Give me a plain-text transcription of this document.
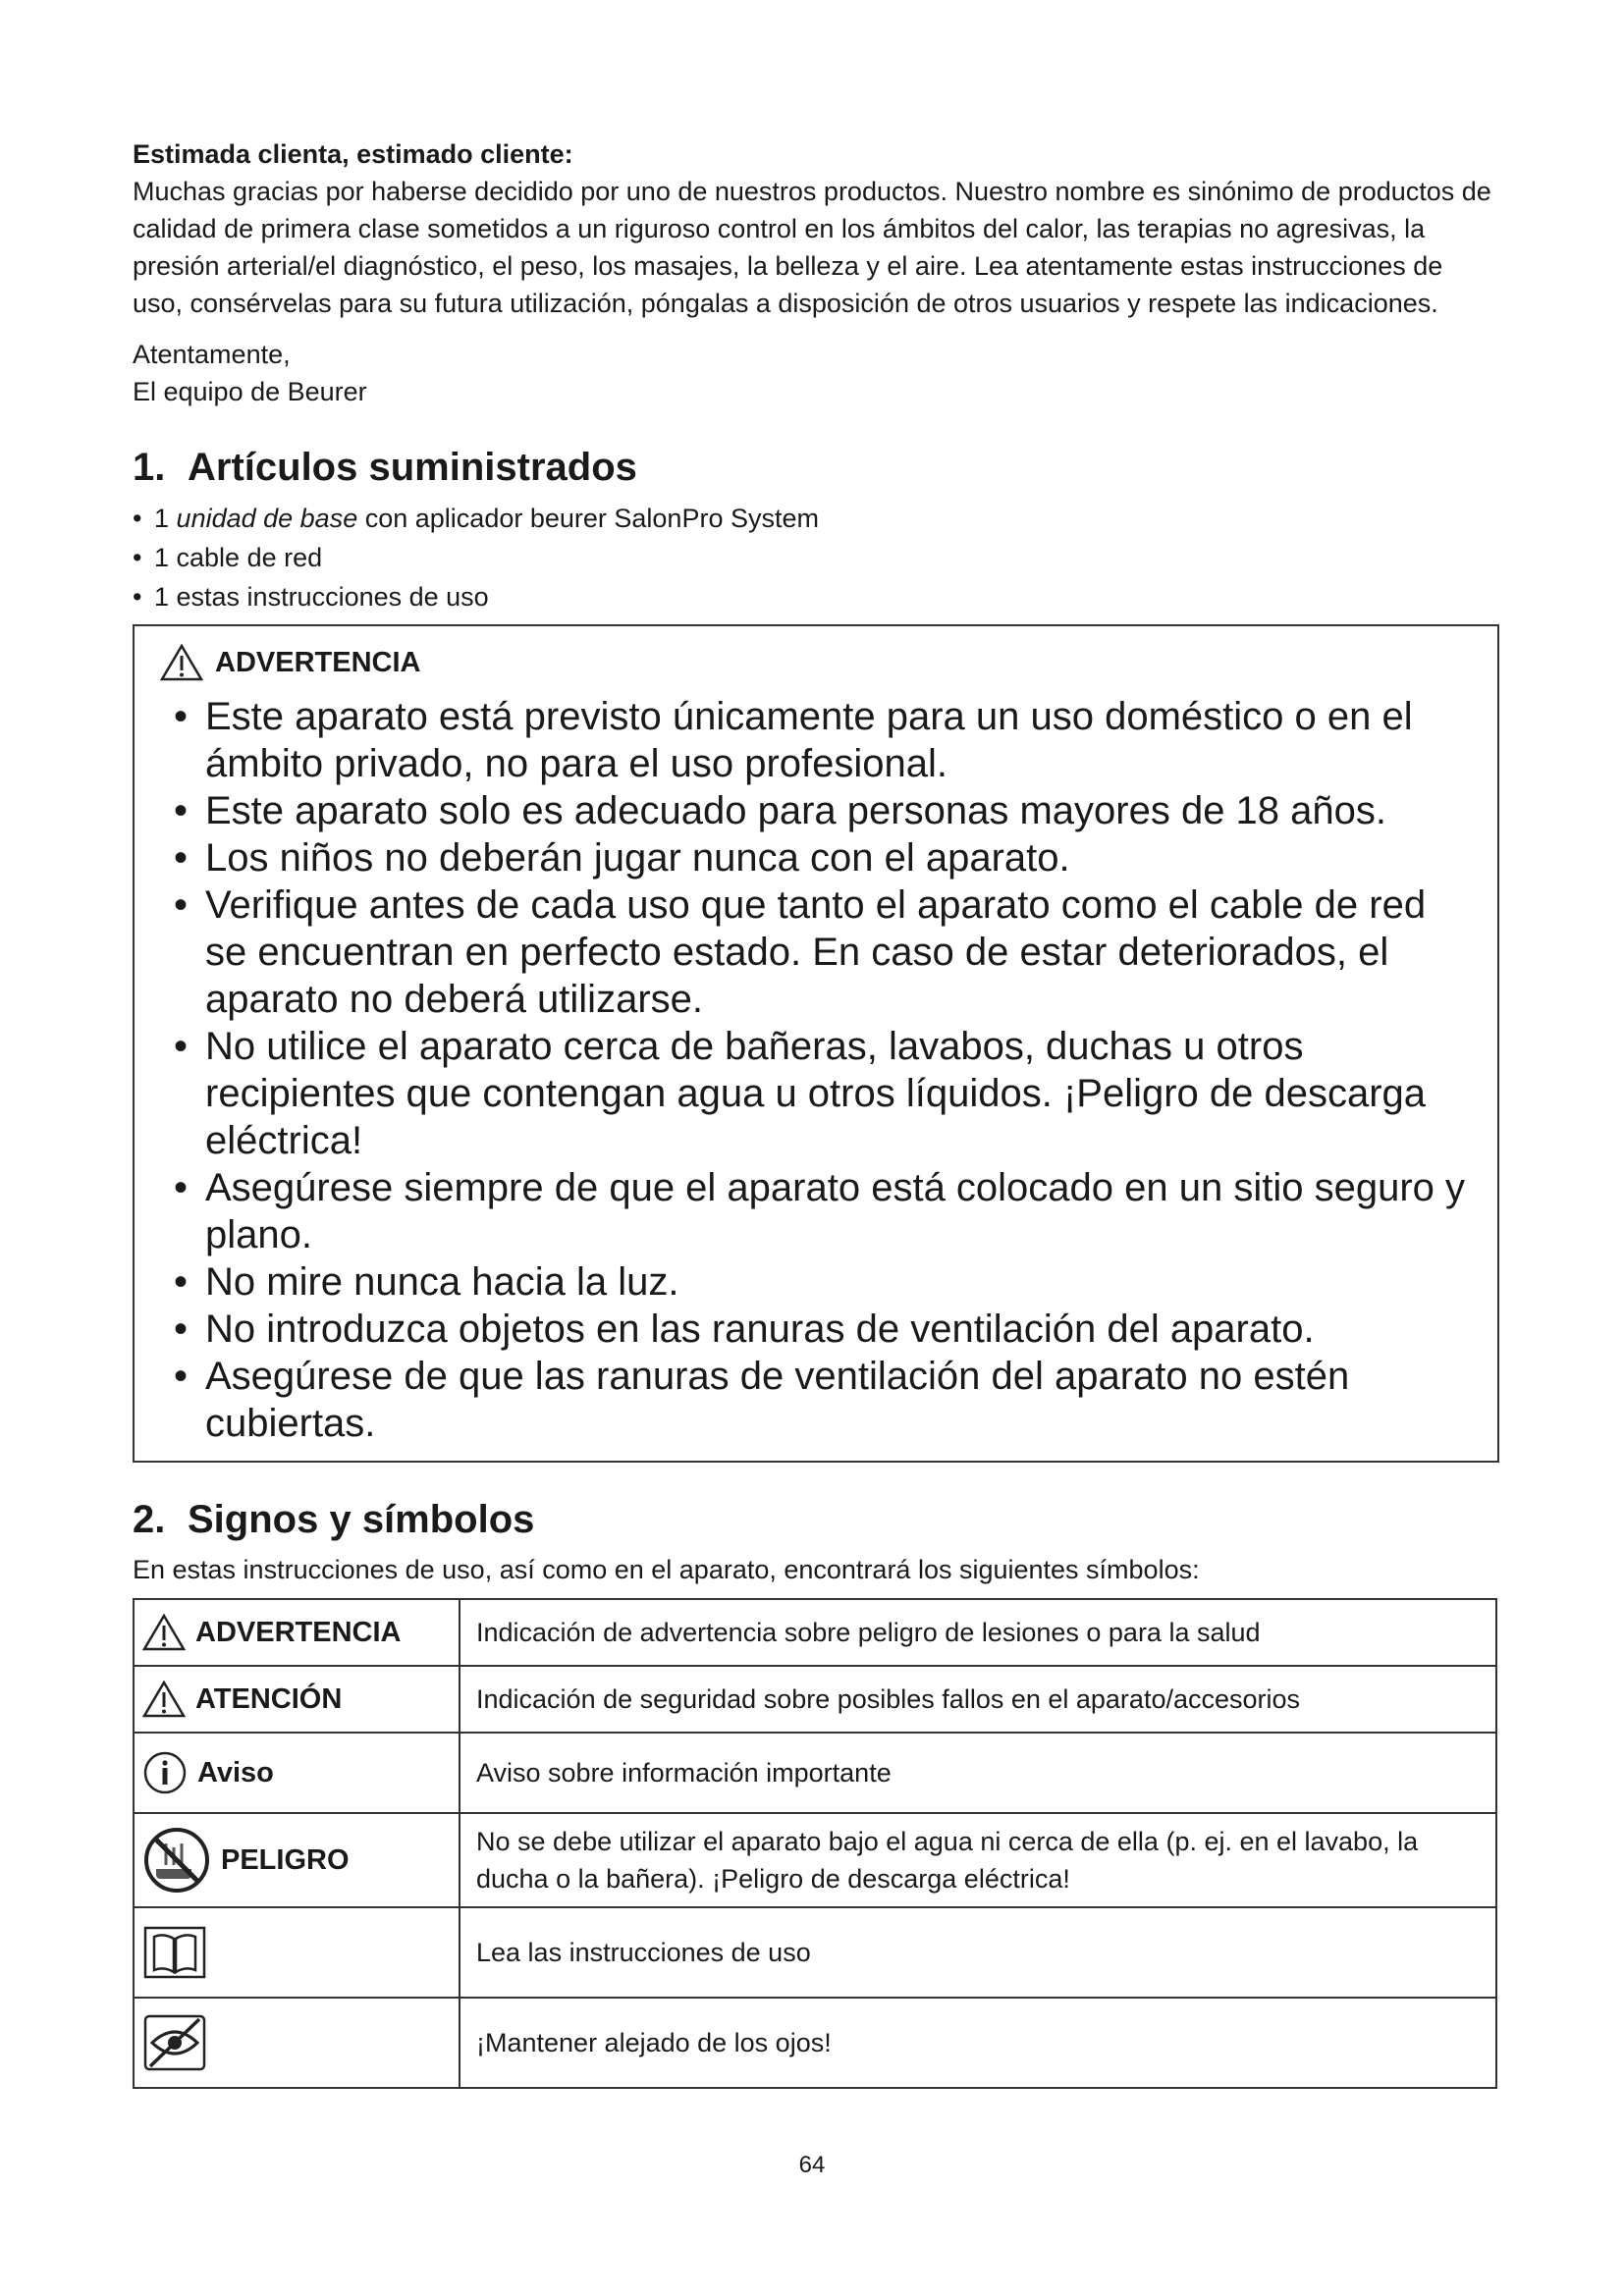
Estimada clienta, estimado cliente:

Muchas gracias por haberse decidido por uno de nuestros productos. Nuestro nombre es sinónimo de productos de calidad de primera clase sometidos a un riguroso control en los ámbitos del calor, las terapias no agresivas, la presión arterial/el diagnóstico, el peso, los masajes, la belleza y el aire. Lea atentamente estas instrucciones de uso, consérvelas para su futura utilización, póngalas a disposición de otros usuarios y respete las indicaciones.

Atentamente,
El equipo de Beurer
1. Artículos suministrados
• 1 unidad de base con aplicador beurer SalonPro System
• 1 cable de red
• 1 estas instrucciones de uso
ADVERTENCIA
• Este aparato está previsto únicamente para un uso doméstico o en el ámbito privado, no para el uso profesional.
• Este aparato solo es adecuado para personas mayores de 18 años.
• Los niños no deberán jugar nunca con el aparato.
• Verifique antes de cada uso que tanto el aparato como el cable de red se encuentran en perfecto estado. En caso de estar deteriorados, el aparato no deberá utilizarse.
• No utilice el aparato cerca de bañeras, lavabos, duchas u otros recipientes que contengan agua u otros líquidos. ¡Peligro de descarga eléctrica!
• Asegúrese siempre de que el aparato está colocado en un sitio seguro y plano.
• No mire nunca hacia la luz.
• No introduzca objetos en las ranuras de ventilación del aparato.
• Asegúrese de que las ranuras de ventilación del aparato no estén cubiertas.
2. Signos y símbolos

En estas instrucciones de uso, así como en el aparato, encontrará los siguientes símbolos:

ADVERTENCIA	Indicación de advertencia sobre peligro de lesiones o para la salud

ATENCIÓN	Indicación de seguridad sobre posibles fallos en el aparato/accesorios

Aviso	Aviso sobre información importante

PELIGRO	No se debe utilizar el aparato bajo el agua ni cerca de ella (p. ej. en el lavabo, la ducha o la bañera). ¡Peligro de descarga eléctrica!

	Lea las instrucciones de uso

	¡Mantener alejado de los ojos!
64
